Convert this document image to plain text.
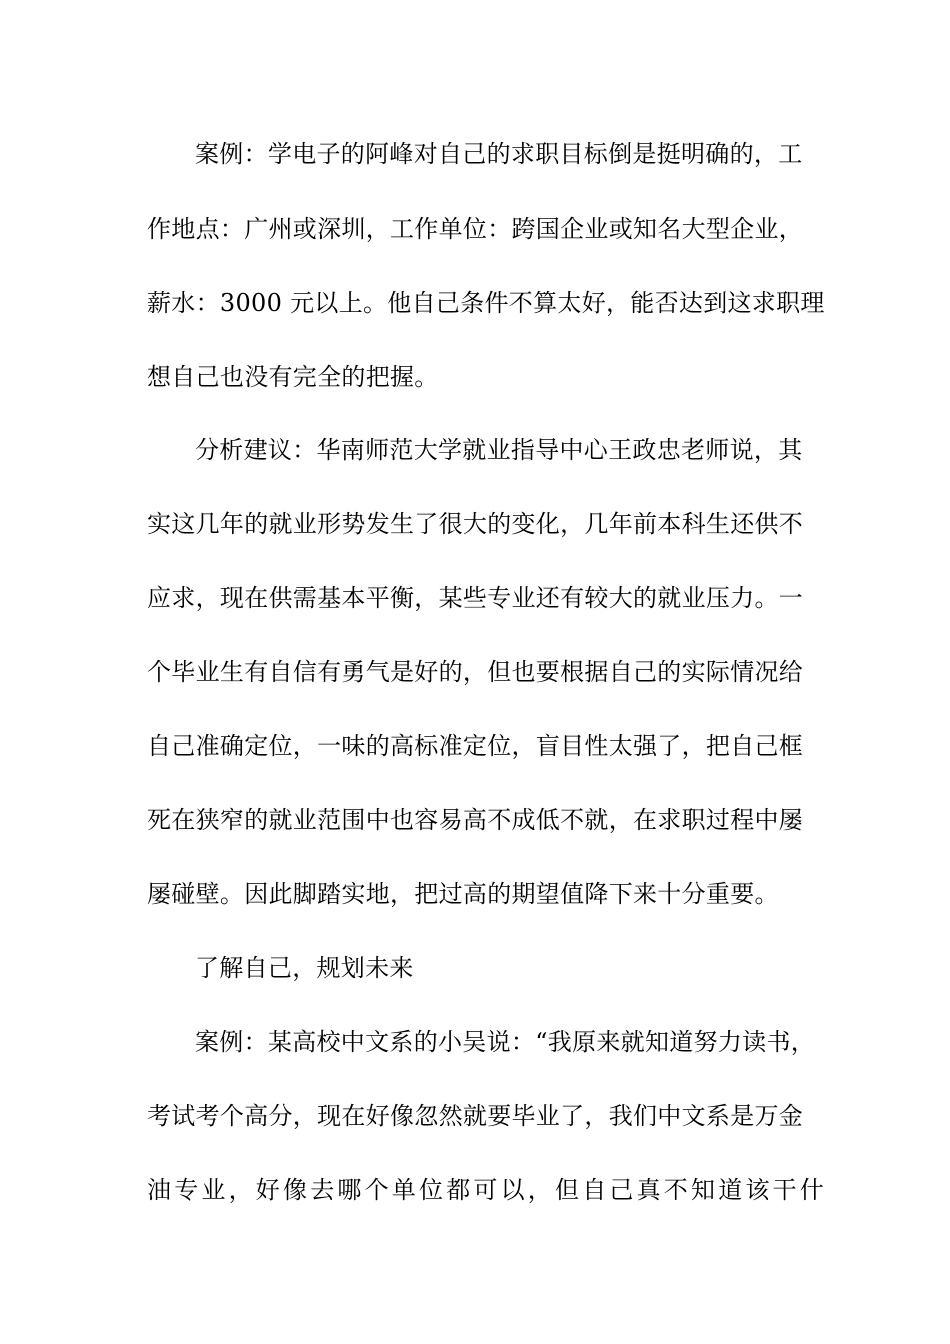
案例：学电子的阿峰对自己的求职目标倒是挺明确的，工
作地点：广州或深圳，工作单位：跨国企业或知名大型企业，
薪水：3000 元以上。他自己条件不算太好，能否达到这求职理
想自己也没有完全的把握。
分析建议：华南师范大学就业指导中心王政忠老师说，其
实这几年的就业形势发生了很大的变化，几年前本科生还供不
应求，现在供需基本平衡，某些专业还有较大的就业压力。一
个毕业生有自信有勇气是好的，但也要根据自己的实际情况给
自己准确定位，一味的高标准定位，盲目性太强了，把自己框
死在狭窄的就业范围中也容易高不成低不就，在求职过程中屡
屡碰壁。因此脚踏实地，把过高的期望值降下来十分重要。
了解自己，规划未来
案例：某高校中文系的小吴说：“我原来就知道努力读书，
考试考个高分，现在好像忽然就要毕业了，我们中文系是万金
油专业，好像去哪个单位都可以，但自己真不知道该干什
